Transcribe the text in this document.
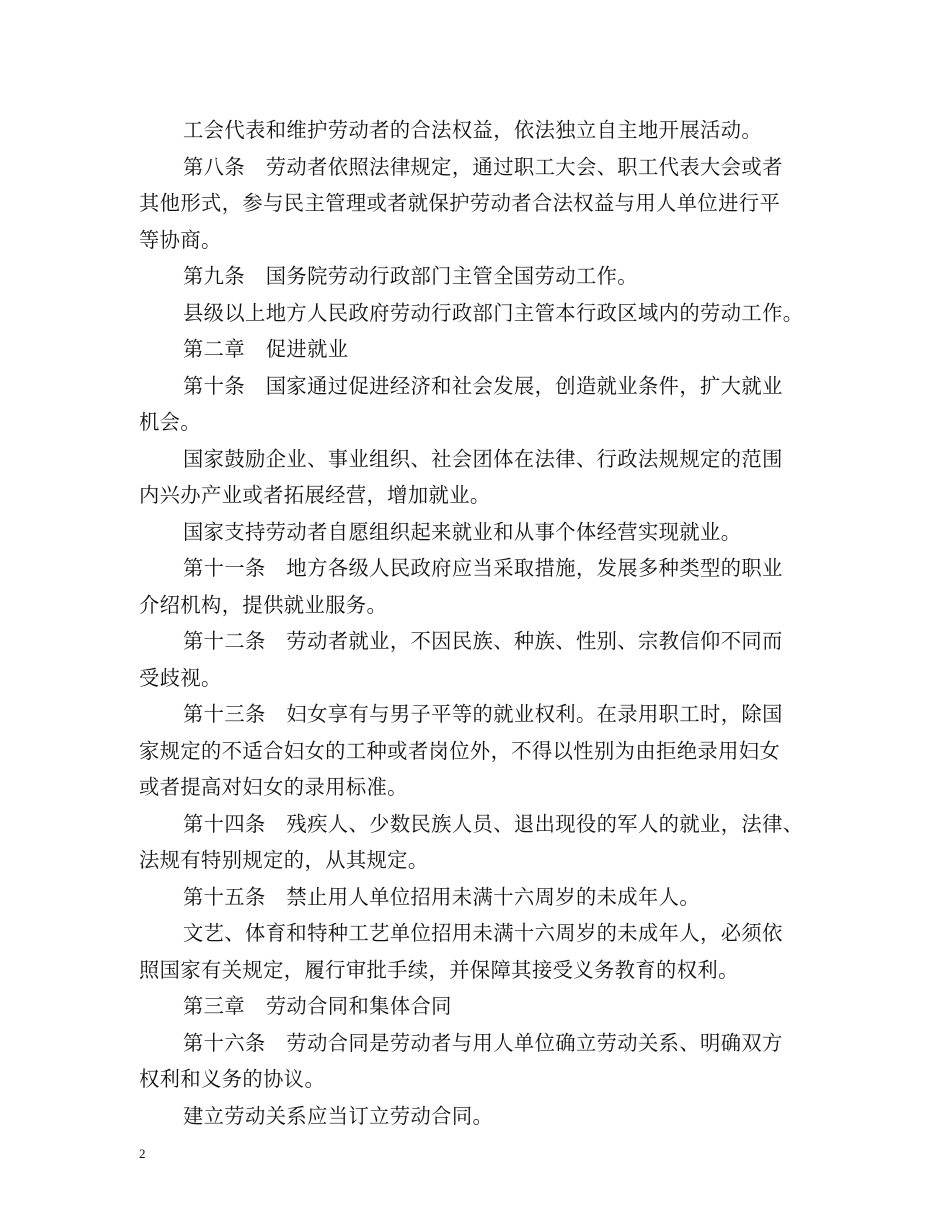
工会代表和维护劳动者的合法权益，依法独立自主地开展活动。
第八条　劳动者依照法律规定，通过职工大会、职工代表大会或者
其他形式，参与民主管理或者就保护劳动者合法权益与用人单位进行平
等协商。
第九条　国务院劳动行政部门主管全国劳动工作。
县级以上地方人民政府劳动行政部门主管本行政区域内的劳动工作。
第二章　促进就业
第十条　国家通过促进经济和社会发展，创造就业条件，扩大就业
机会。
国家鼓励企业、事业组织、社会团体在法律、行政法规规定的范围
内兴办产业或者拓展经营，增加就业。
国家支持劳动者自愿组织起来就业和从事个体经营实现就业。
第十一条　地方各级人民政府应当采取措施，发展多种类型的职业
介绍机构，提供就业服务。
第十二条　劳动者就业，不因民族、种族、性别、宗教信仰不同而
受歧视。
第十三条　妇女享有与男子平等的就业权利。在录用职工时，除国
家规定的不适合妇女的工种或者岗位外，不得以性别为由拒绝录用妇女
或者提高对妇女的录用标准。
第十四条　残疾人、少数民族人员、退出现役的军人的就业，法律、
法规有特别规定的，从其规定。
第十五条　禁止用人单位招用未满十六周岁的未成年人。
文艺、体育和特种工艺单位招用未满十六周岁的未成年人，必须依
照国家有关规定，履行审批手续，并保障其接受义务教育的权利。
第三章　劳动合同和集体合同
第十六条　劳动合同是劳动者与用人单位确立劳动关系、明确双方
权利和义务的协议。
建立劳动关系应当订立劳动合同。
2
